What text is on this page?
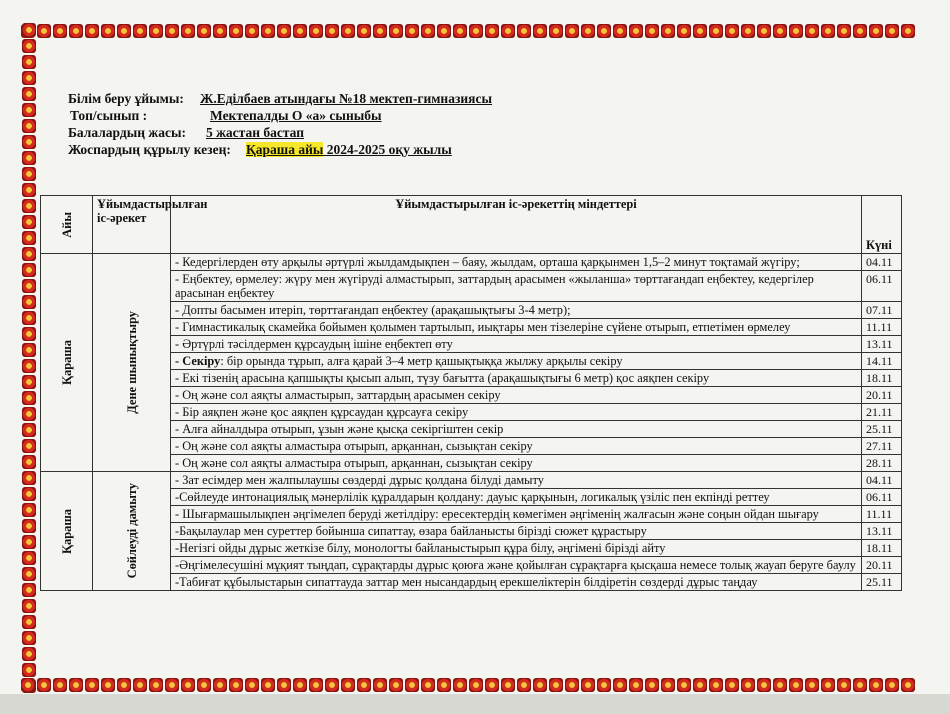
Білім беру ұйымы:	Ж.Еділбаев атындағы №18 мектеп-гимназиясы
Топ/сынып :	Мектепалды О «а» сыныбы
Балалардың жасы:	5 жастан бастап
Жоспардың құрылу кезең:	Қараша айы 2024-2025 оқу жылы
Айы	Ұйымдастырылған іс-әрекет	Ұйымдастырылған іс-әрекеттің міндеттері	Күні

Қараша	Дене шынықтыру	- Кедергілерден өту арқылы әртүрлі жылдамдықпен – баяу, жылдам, орташа қарқынмен 1,5–2 минут тоқтамай жүгіру;	04.11
		- Еңбектеу, өрмелеу: жүру мен жүгіруді алмастырып, заттардың арасымен «жыланша» төрттағандап еңбектеу, кедергілер арасынан еңбектеу	06.11
		- Допты басымен итеріп, төрттағандап еңбектеу (арақашықтығы 3-4 метр);	07.11
		- Гимнастикалық скамейка бойымен қолымен тартылып, иықтары мен тізелеріне сүйене отырып, етпетімен өрмелеу	11.11
		- Әртүрлі тәсілдермен құрсаудың ішіне еңбектеп өту	13.11
		- Секіру: бір орында тұрып, алға қарай 3–4 метр қашықтыққа жылжу арқылы секіру	14.11
		- Екі тізенің арасына қапшықты қысып алып, түзу бағытта (арақашықтығы 6 метр) қос аяқпен секіру	18.11
		- Оң және сол аяқты алмастырып, заттардың арасымен секіру	20.11
		- Бір аяқпен және қос аяқпен құрсаудан құрсауға секіру	21.11
		- Алға айналдыра отырып, ұзын және қысқа секіргіштен секір	25.11
		- Оң және сол аяқты алмастыра отырып, арқаннан, сызықтан секіру	27.11
		- Оң және сол аяқты алмастыра отырып, арқаннан, сызықтан секіру	28.11

Қараша	Сөйлеуді дамыту	- Зат есімдер мен жалпылаушы сөздерді дұрыс қолдана білуді дамыту	04.11
		-Сөйлеуде интонациялық мәнерлілік құралдарын қолдану: дауыс қарқынын, логикалық үзіліс пен екпінді реттеу	06.11
		- Шығармашылықпен әңгімелеп беруді жетілдіру: ересектердің көмегімен әңгіменің жалғасын және соңын ойдан шығару	11.11
		-Бақылаулар мен суреттер бойынша сипаттау, өзара байланысты бірізді сюжет құрастыру	13.11
		-Негізгі ойды дұрыс жеткізе білу, монологты байланыстырып құра білу, әңгімені бірізді айту	18.11
		-Әңгімелесушіні мұқият тыңдап, сұрақтарды дұрыс қоюға және қойылған сұрақтарға қысқаша немесе толық жауап беруге баулу	20.11
		-Табиғат құбылыстарын сипаттауда заттар мен нысандардың ерекшеліктерін білдіретін сөздерді дұрыс таңдау	25.11
